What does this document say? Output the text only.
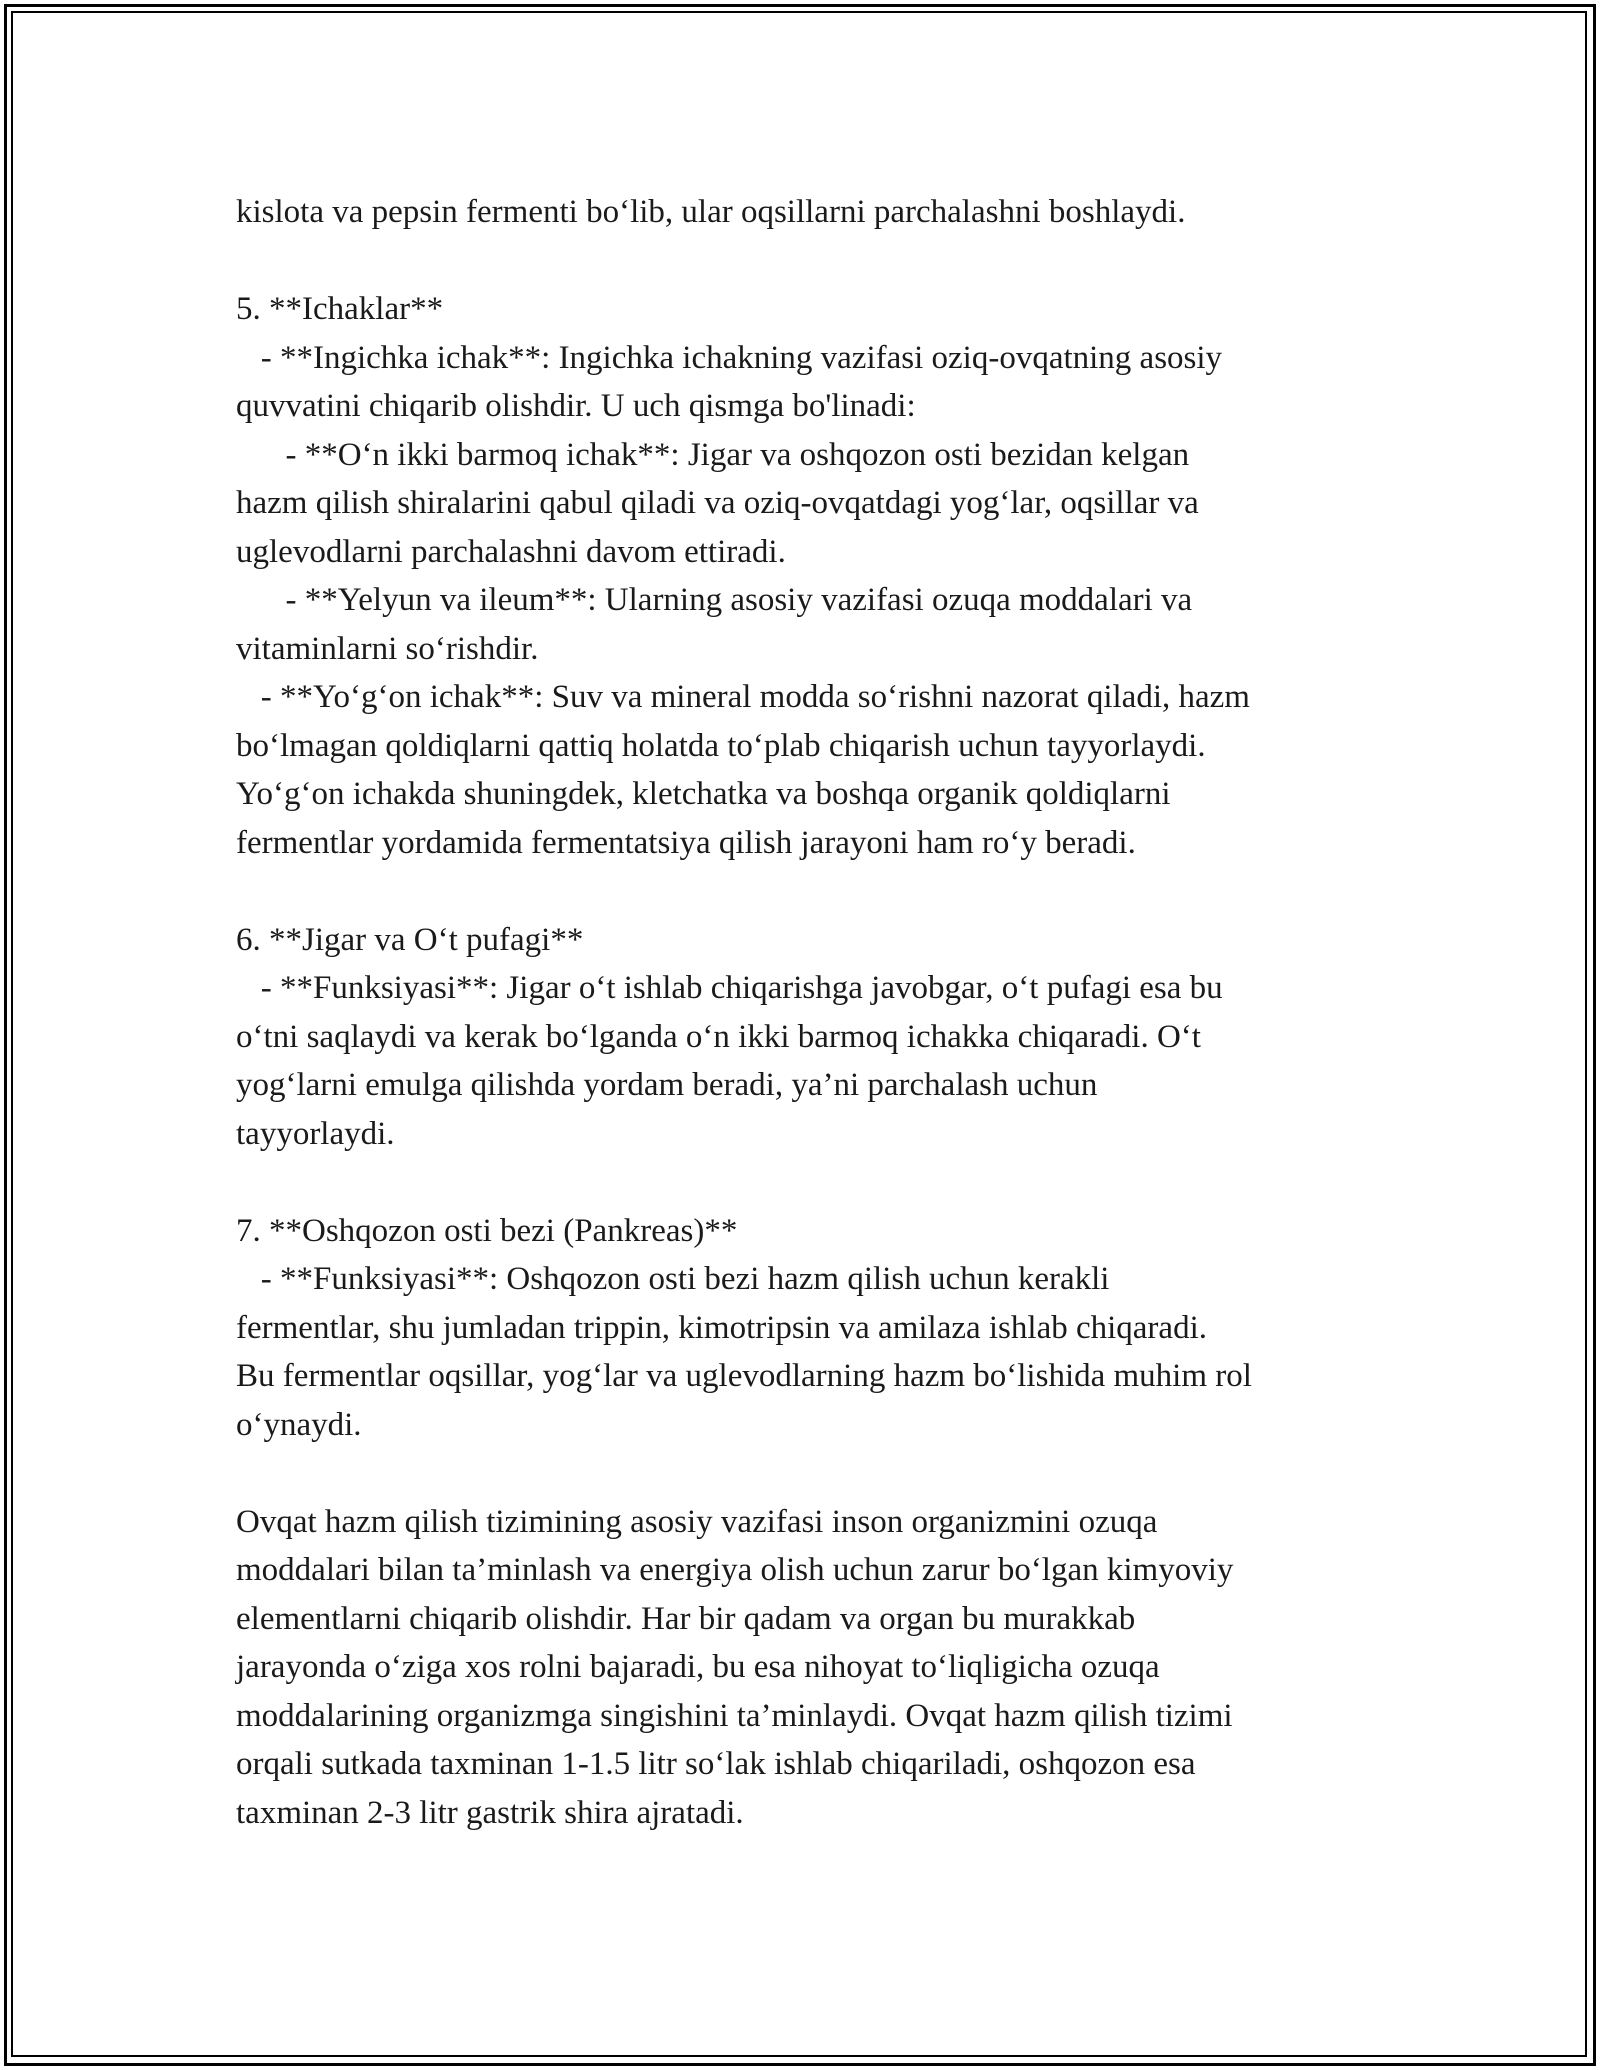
kislota va pepsin fermenti bo‘lib, ular oqsillarni parchalashni boshlaydi.
5. **Ichaklar**
- **Ingichka ichak**: Ingichka ichakning vazifasi oziq-ovqatning asosiy
quvvatini chiqarib olishdir. U uch qismga bo'linadi:
- **O‘n ikki barmoq ichak**: Jigar va oshqozon osti bezidan kelgan
hazm qilish shiralarini qabul qiladi va oziq-ovqatdagi yog‘lar, oqsillar va
uglevodlarni parchalashni davom ettiradi.
- **Yelyun va ileum**: Ularning asosiy vazifasi ozuqa moddalari va
vitaminlarni so‘rishdir.
- **Yo‘g‘on ichak**: Suv va mineral modda so‘rishni nazorat qiladi, hazm
bo‘lmagan qoldiqlarni qattiq holatda to‘plab chiqarish uchun tayyorlaydi.
Yo‘g‘on ichakda shuningdek, kletchatka va boshqa organik qoldiqlarni
fermentlar yordamida fermentatsiya qilish jarayoni ham ro‘y beradi.
6. **Jigar va O‘t pufagi**
- **Funksiyasi**: Jigar o‘t ishlab chiqarishga javobgar, o‘t pufagi esa bu
o‘tni saqlaydi va kerak bo‘lganda o‘n ikki barmoq ichakka chiqaradi. O‘t
yog‘larni emulga qilishda yordam beradi, ya’ni parchalash uchun
tayyorlaydi.
7. **Oshqozon osti bezi (Pankreas)**
- **Funksiyasi**: Oshqozon osti bezi hazm qilish uchun kerakli
fermentlar, shu jumladan trippin, kimotripsin va amilaza ishlab chiqaradi.
Bu fermentlar oqsillar, yog‘lar va uglevodlarning hazm bo‘lishida muhim rol
o‘ynaydi.
Ovqat hazm qilish tizimining asosiy vazifasi inson organizmini ozuqa
moddalari bilan ta’minlash va energiya olish uchun zarur bo‘lgan kimyoviy
elementlarni chiqarib olishdir. Har bir qadam va organ bu murakkab
jarayonda o‘ziga xos rolni bajaradi, bu esa nihoyat to‘liqligicha ozuqa
moddalarining organizmga singishini ta’minlaydi. Ovqat hazm qilish tizimi
orqali sutkada taxminan 1-1.5 litr so‘lak ishlab chiqariladi, oshqozon esa
taxminan 2-3 litr gastrik shira ajratadi.
